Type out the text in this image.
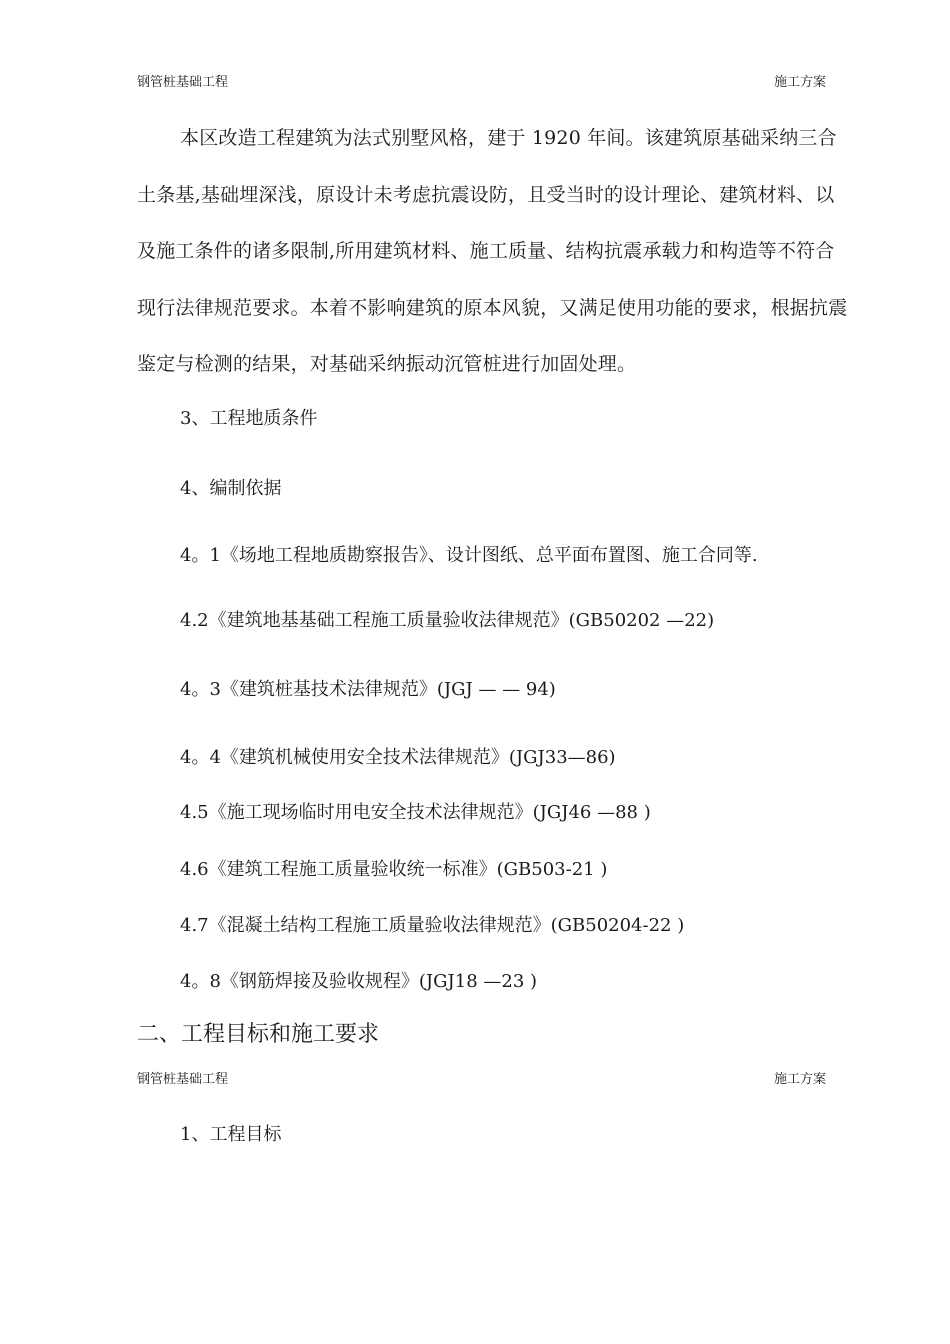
钢管桩基础工程	施工方案

本区改造工程建筑为法式别墅风格，建于 1920 年间。该建筑原基础采纳三合土条基,基础埋深浅，原设计未考虑抗震设防，且受当时的设计理论、建筑材料、以及施工条件的诸多限制,所用建筑材料、施工质量、结构抗震承载力和构造等不符合现行法律规范要求。本着不影响建筑的原本风貌，又满足使用功能的要求，根据抗震鉴定与检测的结果，对基础采纳振动沉管桩进行加固处理。

3、工程地质条件

4、编制依据

4。1《场地工程地质勘察报告》、设计图纸、总平面布置图、施工合同等.

4.2《建筑地基基础工程施工质量验收法律规范》(GB50202 —22)

4。3《建筑桩基技术法律规范》(JGJ — — 94)

4。4《建筑机械使用安全技术法律规范》(JGJ33—86)

4.5《施工现场临时用电安全技术法律规范》(JGJ46 —88 )

4.6《建筑工程施工质量验收统一标准》(GB503-21 )

4.7《混凝土结构工程施工质量验收法律规范》(GB50204-22 )

4。8《钢筋焊接及验收规程》(JGJ18 —23 )

二、工程目标和施工要求
钢管桩基础工程	施工方案

1、工程目标
